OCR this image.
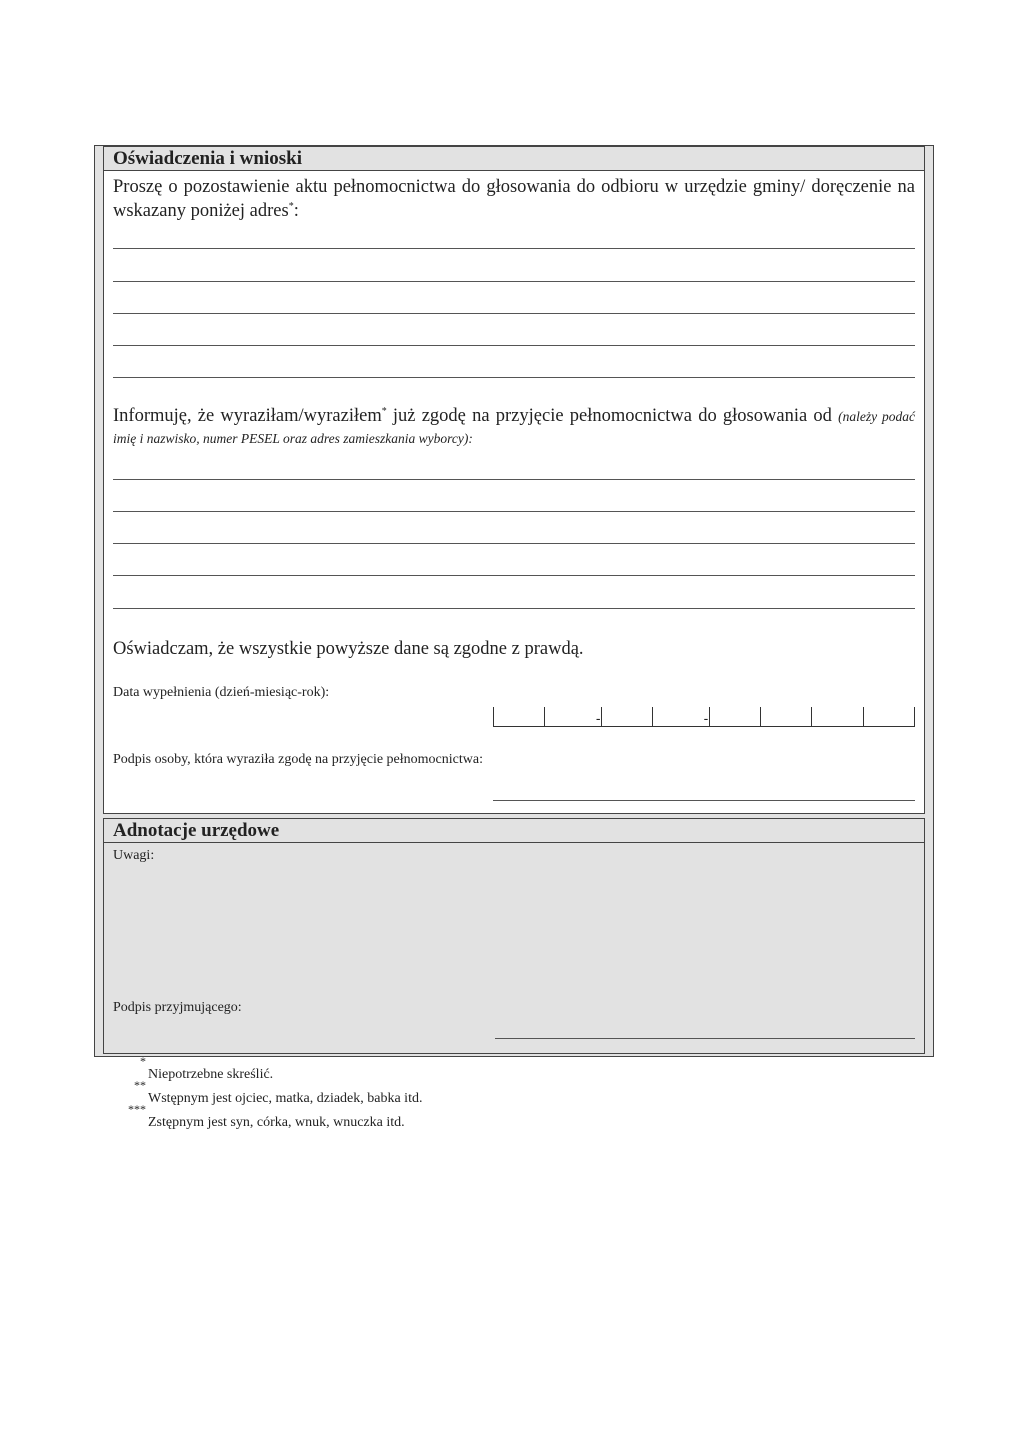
Oświadczenia i wnioski
Proszę o pozostawienie aktu pełnomocnictwa do głosowania do odbioru w urzędzie gminy/ doręczenie na wskazany poniżej adres*:
Informuję, że wyraziłam/wyraziłem* już zgodę na przyjęcie pełnomocnictwa do głosowania od (należy podać imię i nazwisko, numer PESEL oraz adres zamieszkania wyborcy):
Oświadczam, że wszystkie powyższe dane są zgodne z prawdą.
Data wypełnienia (dzień-miesiąc-rok):
-	-
Podpis osoby, która wyraziła zgodę na przyjęcie pełnomocnictwa:
Adnotacje urzędowe
Uwagi:
Podpis przyjmującego:
*
Niepotrzebne skreślić.
**
Wstępnym jest ojciec, matka, dziadek, babka itd.
***
Zstępnym jest syn, córka, wnuk, wnuczka itd.
